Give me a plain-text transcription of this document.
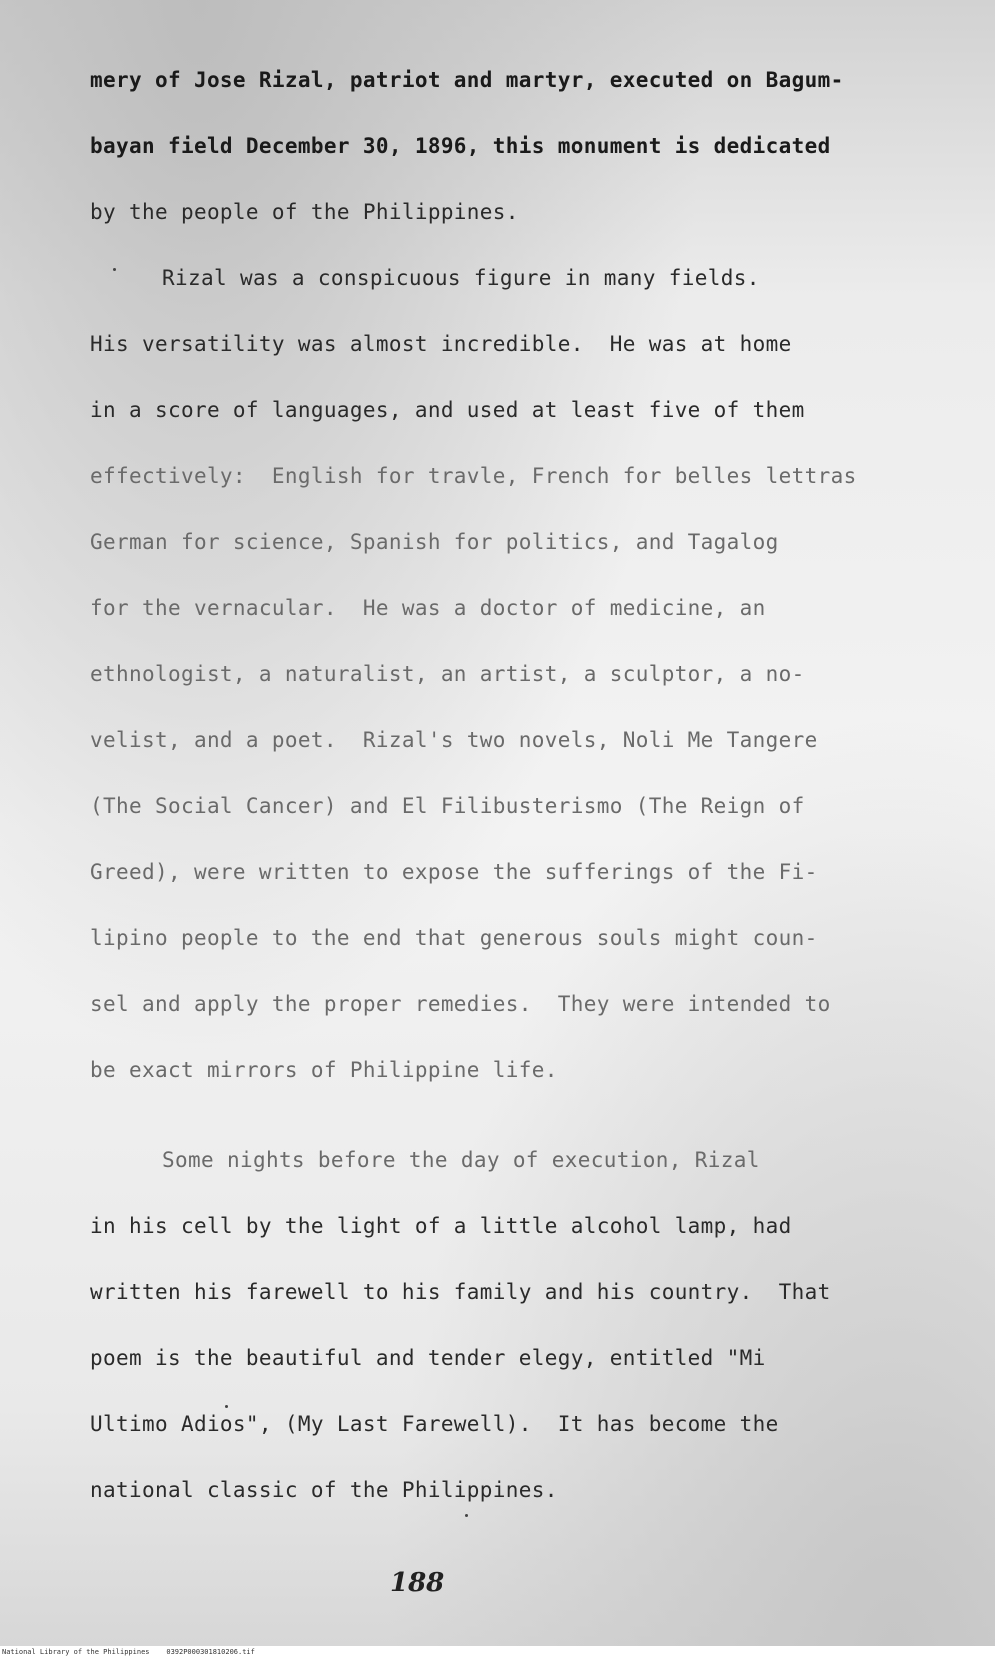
mery of Jose Rizal, patriot and martyr, executed on Bagum-
bayan field December 30, 1896, this monument is dedicated
by the people of the Philippines.
Rizal was a conspicuous figure in many fields.
His versatility was almost incredible.  He was at home
in a score of languages, and used at least five of them
effectively:  English for travle, French for belles lettras
German for science, Spanish for politics, and Tagalog
for the vernacular.  He was a doctor of medicine, an
ethnologist, a naturalist, an artist, a sculptor, a no-
velist, and a poet.  Rizal's two novels, Noli Me Tangere
(The Social Cancer) and El Filibusterismo (The Reign of
Greed), were written to expose the sufferings of the Fi-
lipino people to the end that generous souls might coun-
sel and apply the proper remedies.  They were intended to
be exact mirrors of Philippine life.
Some nights before the day of execution, Rizal
in his cell by the light of a little alcohol lamp, had
written his farewell to his family and his country.  That
poem is the beautiful and tender elegy, entitled "Mi
Ultimo Adios", (My Last Farewell).  It has become the
national classic of the Philippines.
188
National Library of the Philippines    0392P000301810206.tif
